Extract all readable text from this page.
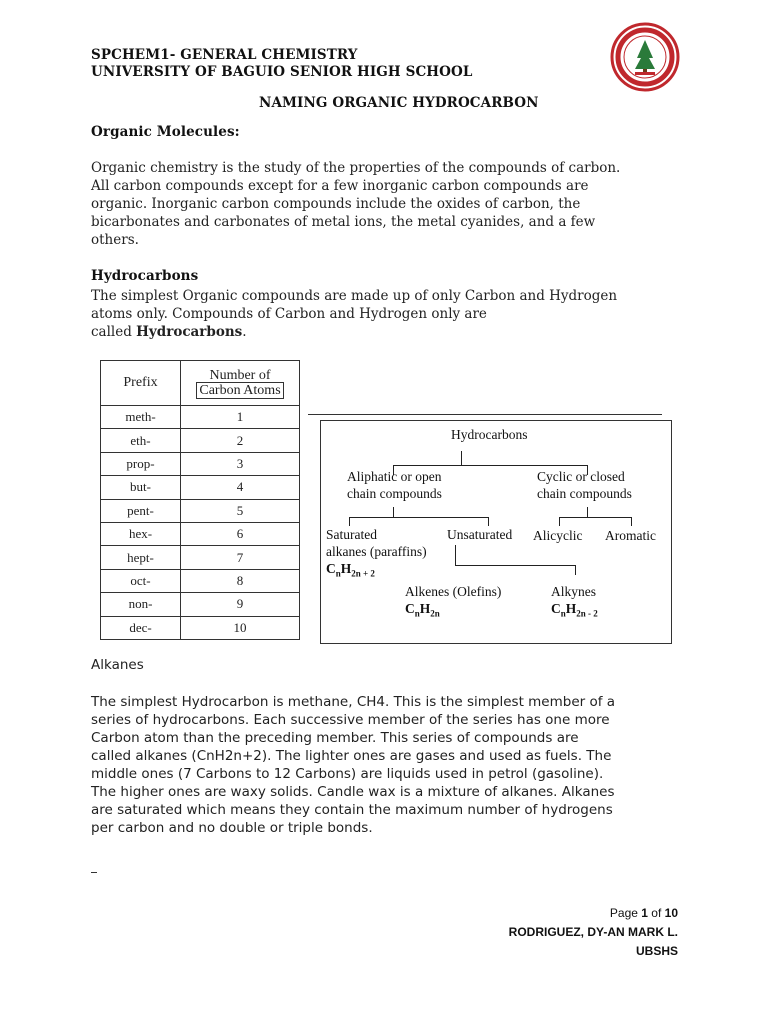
SPCHEM1- GENERAL CHEMISTRY
UNIVERSITY OF BAGUIO SENIOR HIGH SCHOOL
NAMING ORGANIC HYDROCARBON
Organic Molecules:
Organic chemistry is the study of the properties of the compounds of carbon.
All carbon compounds except for a few inorganic carbon compounds are
organic. Inorganic carbon compounds include the oxides of carbon, the
bicarbonates and carbonates of metal ions, the metal cyanides, and a few
others.
Hydrocarbons
The simplest Organic compounds are made up of only Carbon and Hydrogen
atoms only. Compounds of Carbon and Hydrogen only are
called Hydrocarbons.
Prefix	Number of
Carbon Atoms

meth-	1
eth-	2
prop-	3
but-	4
pent-	5
hex-	6
hept-	7
oct-	8
non-	9
dec-	10
Hydrocarbons
Aliphatic or open
chain compounds
Cyclic or closed
chain compounds
Saturated
alkanes (paraffins)
$C_nH_{2n + 2}$
Unsaturated Alicyclic Aromatic
Alkenes (Olefins)
$C_nH_{2n}$
Alkynes
$C_nH_{2n - 2}$
Alkanes
The simplest Hydrocarbon is methane, CH4. This is the simplest member of a
series of hydrocarbons. Each successive member of the series has one more
Carbon atom than the preceding member. This series of compounds are
called alkanes (CnH2n+2). The lighter ones are gases and used as fuels. The
middle ones (7 Carbons to 12 Carbons) are liquids used in petrol (gasoline).
The higher ones are waxy solids. Candle wax is a mixture of alkanes. Alkanes
are saturated which means they contain the maximum number of hydrogens
per carbon and no double or triple bonds.
Page 1 of 10
RODRIGUEZ, DY-AN MARK L.
UBSHS
